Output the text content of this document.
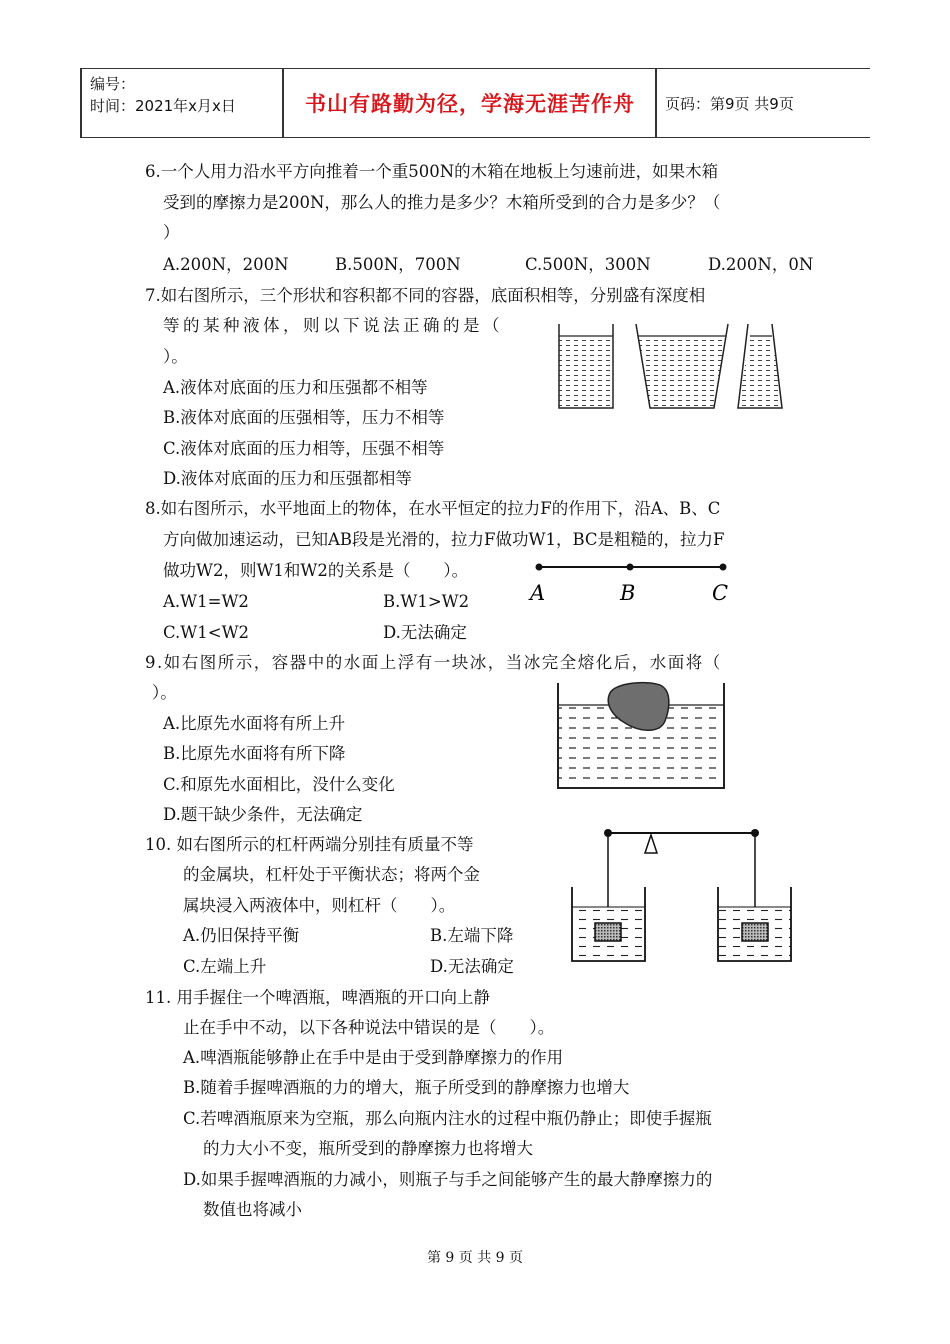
编号：
时间：2021年x月x日	书山有路勤为径，学海无涯苦作舟	页码：第9页 共9页
6.一个人用力沿水平方向推着一个重500N的木箱在地板上匀速前进，如果木箱
受到的摩擦力是200N，那么人的推力是多少？木箱所受到的合力是多少？（
）
A.200N，200N	B.500N，700N	C.500N，300N	D.200N，0N
7.如右图所示，三个形状和容积都不同的容器，底面积相等，分别盛有深度相
等的某种液体，则以下说法正确的是（
）。
A.液体对底面的压力和压强都不相等
B.液体对底面的压强相等，压力不相等
C.液体对底面的压力相等，压强不相等
D.液体对底面的压力和压强都相等
8.如右图所示，水平地面上的物体，在水平恒定的拉力F的作用下，沿A、B、C
方向做加速运动，已知AB段是光滑的，拉力F做功W1，BC是粗糙的，拉力F
做功W2，则W1和W2的关系是（　　）。
A.W1=W2	B.W1>W2
C.W1<W2	D.无法确定
A	B	C
9.如右图所示，容器中的水面上浮有一块冰，当冰完全熔化后，水面将（
）。
A.比原先水面将有所上升
B.比原先水面将有所下降
C.和原先水面相比，没什么变化
D.题干缺少条件，无法确定
10. 如右图所示的杠杆两端分别挂有质量不等
的金属块，杠杆处于平衡状态；将两个金
属块浸入两液体中，则杠杆（　　）。
A.仍旧保持平衡	B.左端下降
C.左端上升	D.无法确定
11. 用手握住一个啤酒瓶，啤酒瓶的开口向上静
止在手中不动，以下各种说法中错误的是（　　）。
A.啤酒瓶能够静止在手中是由于受到静摩擦力的作用
B.随着手握啤酒瓶的力的增大，瓶子所受到的静摩擦力也增大
C.若啤酒瓶原来为空瓶，那么向瓶内注水的过程中瓶仍静止；即使手握瓶
的力大小不变，瓶所受到的静摩擦力也将增大
D.如果手握啤酒瓶的力减小，则瓶子与手之间能够产生的最大静摩擦力的
数值也将减小
第 9 页 共 9 页
